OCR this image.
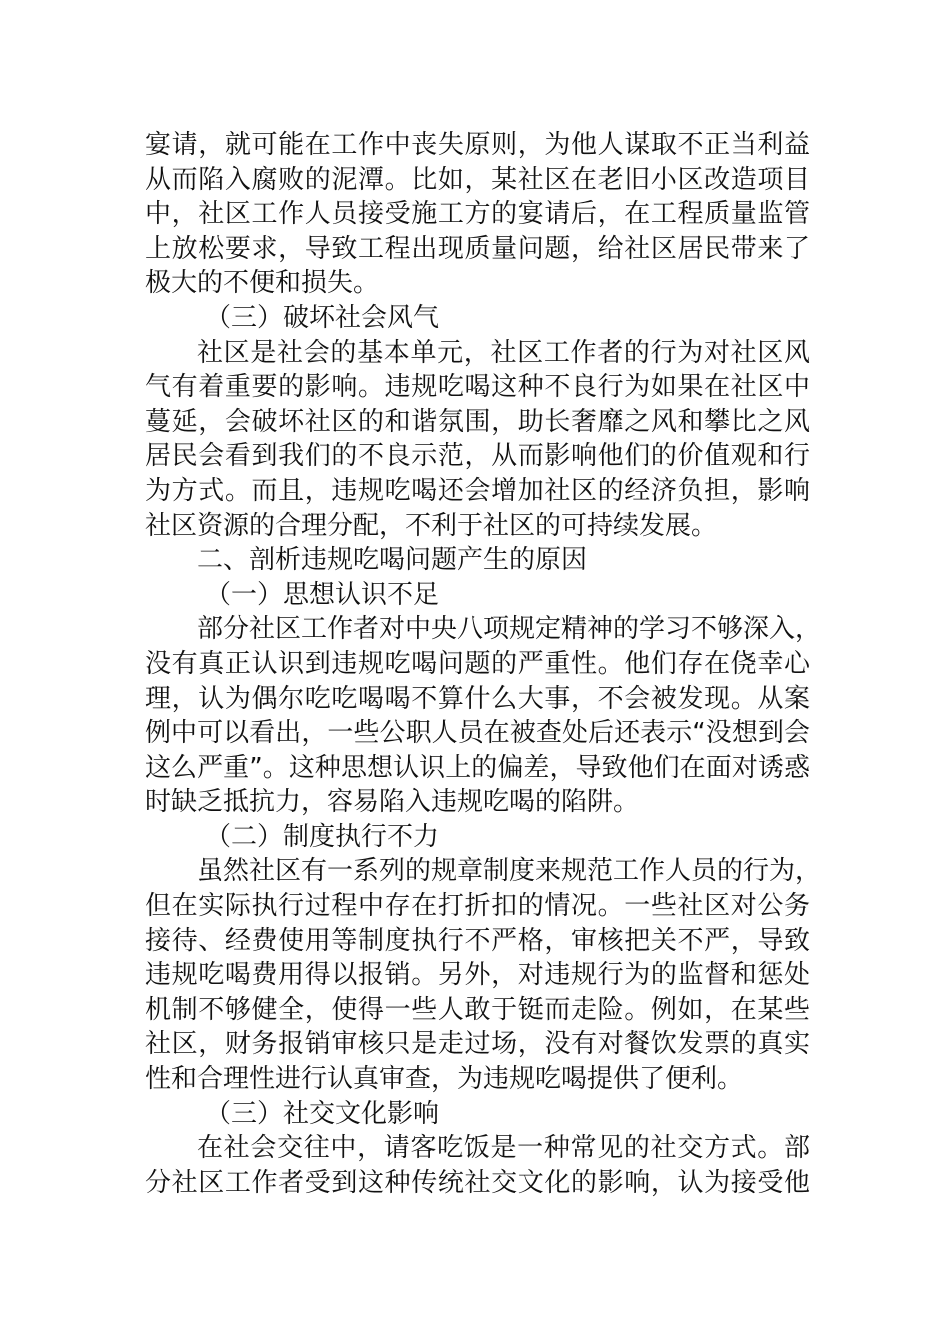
宴请，就可能在工作中丧失原则，为他人谋取不正当利益
从而陷入腐败的泥潭。比如，某社区在老旧小区改造项目
中，社区工作人员接受施工方的宴请后，在工程质量监管
上放松要求，导致工程出现质量问题，给社区居民带来了
极大的不便和损失。
（三）破坏社会风气
社区是社会的基本单元，社区工作者的行为对社区风
气有着重要的影响。违规吃喝这种不良行为如果在社区中
蔓延，会破坏社区的和谐氛围，助长奢靡之风和攀比之风
居民会看到我们的不良示范，从而影响他们的价值观和行
为方式。而且，违规吃喝还会增加社区的经济负担，影响
社区资源的合理分配，不利于社区的可持续发展。
二、剖析违规吃喝问题产生的原因
（一）思想认识不足
部分社区工作者对中央八项规定精神的学习不够深入，
没有真正认识到违规吃喝问题的严重性。他们存在侥幸心
理，认为偶尔吃吃喝喝不算什么大事，不会被发现。从案
例中可以看出，一些公职人员在被查处后还表示“没想到会
这么严重”。这种思想认识上的偏差，导致他们在面对诱惑
时缺乏抵抗力，容易陷入违规吃喝的陷阱。
（二）制度执行不力
虽然社区有一系列的规章制度来规范工作人员的行为，
但在实际执行过程中存在打折扣的情况。一些社区对公务
接待、经费使用等制度执行不严格，审核把关不严，导致
违规吃喝费用得以报销。另外，对违规行为的监督和惩处
机制不够健全，使得一些人敢于铤而走险。例如，在某些
社区，财务报销审核只是走过场，没有对餐饮发票的真实
性和合理性进行认真审查，为违规吃喝提供了便利。
（三）社交文化影响
在社会交往中，请客吃饭是一种常见的社交方式。部
分社区工作者受到这种传统社交文化的影响，认为接受他
